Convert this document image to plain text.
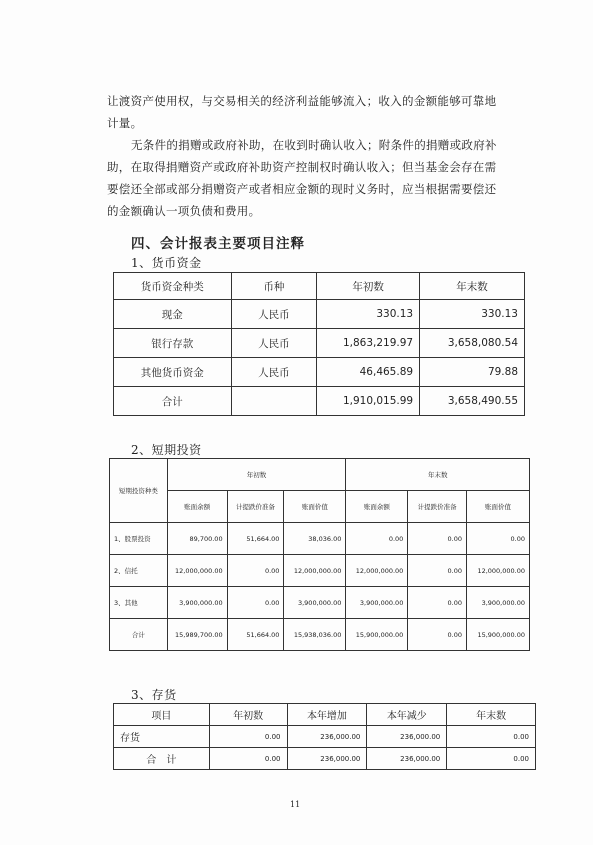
让渡资产使用权，与交易相关的经济利益能够流入；收入的金额能够可靠地计量。
无条件的捐赠或政府补助，在收到时确认收入；附条件的捐赠或政府补助，在取得捐赠资产或政府补助资产控制权时确认收入；但当基金会存在需要偿还全部或部分捐赠资产或者相应金额的现时义务时，应当根据需要偿还的金额确认一项负债和费用。
四、会计报表主要项目注释
1、货币资金
货币资金种类	币种	年初数	年末数
现金	人民币	330.13	330.13
银行存款	人民币	1,863,219.97	3,658,080.54
其他货币资金	人民币	46,465.89	79.88
合计		1,910,015.99	3,658,490.55
2、短期投资
短期投资种类	年初数			年末数		
	账面余额	计提跌价准备	账面价值	账面余额	计提跌价准备	账面价值
1、股票投资	89,700.00	51,664.00	38,036.00	0.00	0.00	0.00
2、信托	12,000,000.00	0.00	12,000,000.00	12,000,000.00	0.00	12,000,000.00
3、其他	3,900,000.00	0.00	3,900,000.00	3,900,000.00	0.00	3,900,000.00
合计	15,989,700.00	51,664.00	15,938,036.00	15,900,000.00	0.00	15,900,000.00
3、存货
项目	年初数	本年增加	本年减少	年末数
存货	0.00	236,000.00	236,000.00	0.00
合　计	0.00	236,000.00	236,000.00	0.00
11
